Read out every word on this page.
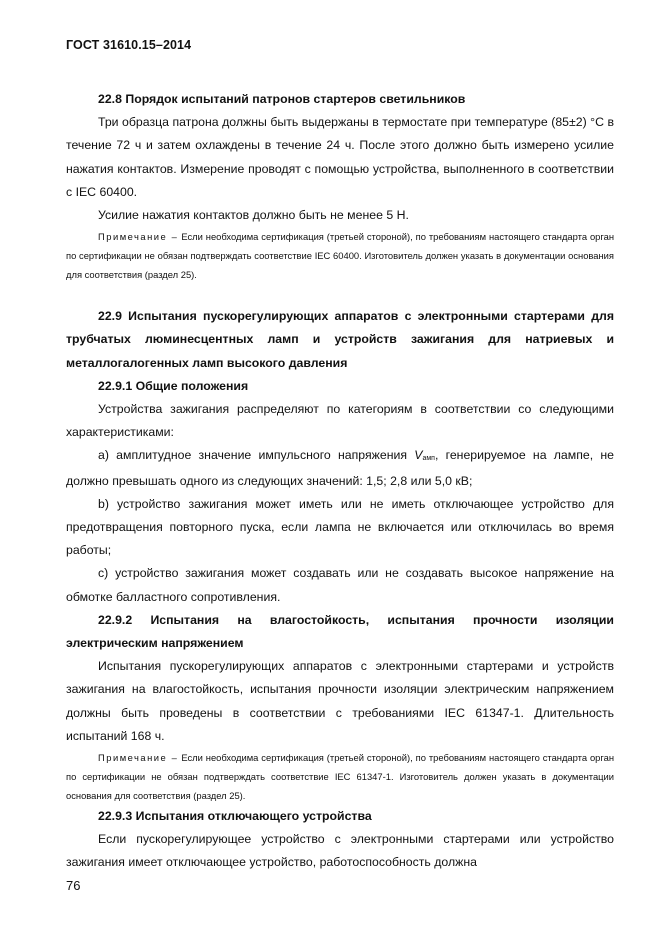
ГОСТ 31610.15–2014

22.8 Порядок испытаний патронов стартеров светильников

Три образца патрона должны быть выдержаны в термостате при температуре (85±2) °C в течение 72 ч и затем охлаждены в течение 24 ч. После этого должно быть измерено усилие нажатия контактов. Измерение проводят с помощью устройства, выполненного в соответствии с IEC 60400.

Усилие нажатия контактов должно быть не менее 5 Н.

Примечание – Если необходима сертификация (третьей стороной), по требованиям настоящего стандарта орган по сертификации не обязан подтверждать соответствие IEC 60400. Изготовитель должен указать в документации основания для соответствия (раздел 25).

22.9 Испытания пускорегулирующих аппаратов с электронными стартерами для трубчатых люминесцентных ламп и устройств зажигания для натриевых и металлогалогенных ламп высокого давления

22.9.1 Общие положения

Устройства зажигания распределяют по категориям в соответствии со следующими характеристиками:

а) амплитудное значение импульсного напряжения $V_{амп}$, генерируемое на лампе, не должно превышать одного из следующих значений: 1,5; 2,8 или 5,0 кВ;

b) устройство зажигания может иметь или не иметь отключающее устройство для предотвращения повторного пуска, если лампа не включается или отключилась во время работы;

c) устройство зажигания может создавать или не создавать высокое напряжение на обмотке балластного сопротивления.

22.9.2 Испытания на влагостойкость, испытания прочности изоляции электрическим напряжением

Испытания пускорегулирующих аппаратов с электронными стартерами и устройств зажигания на влагостойкость, испытания прочности изоляции электрическим напряжением должны быть проведены в соответствии с требованиями IEC 61347-1. Длительность испытаний 168 ч.

Примечание – Если необходима сертификация (третьей стороной), по требованиям настоящего стандарта орган по сертификации не обязан подтверждать соответствие IEC 61347-1. Изготовитель должен указать в документации основания для соответствия (раздел 25).

22.9.3 Испытания отключающего устройства

Если пускорегулирующее устройство с электронными стартерами или устройство зажигания имеет отключающее устройство, работоспособность должна

76
